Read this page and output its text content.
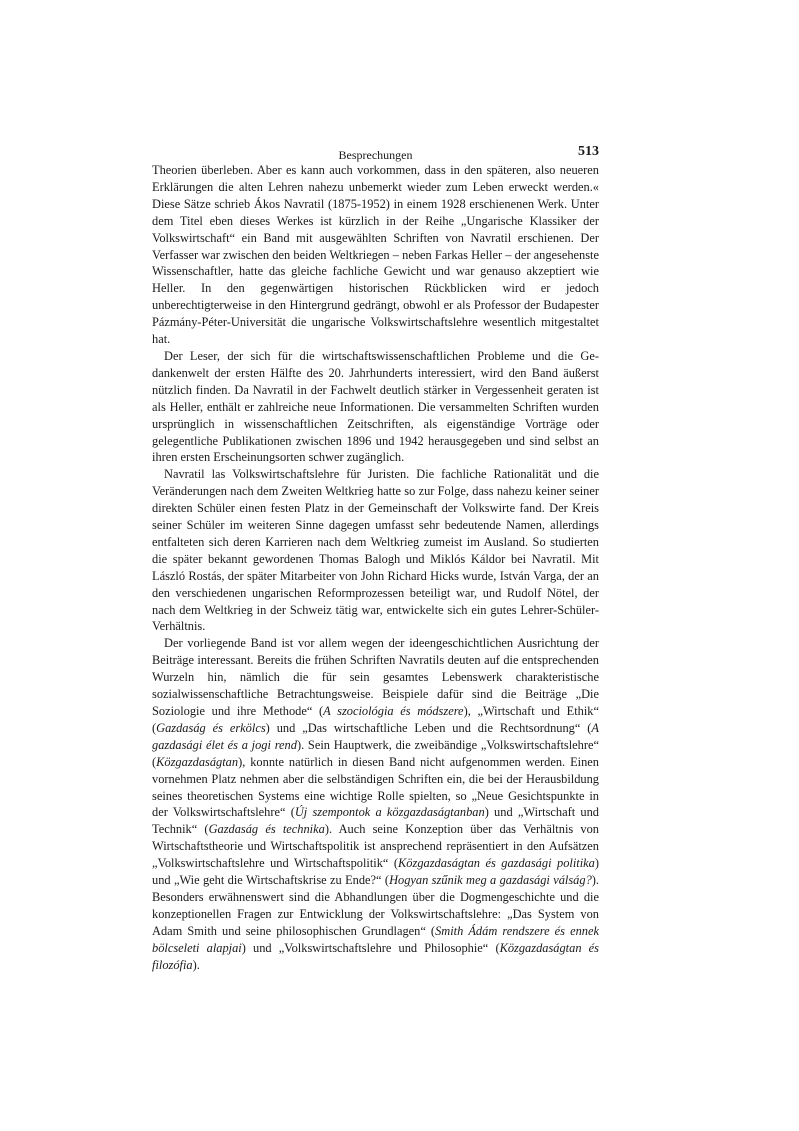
Besprechungen	513

Theorien überleben. Aber es kann auch vorkommen, dass in den späteren, also neueren Erklärungen die alten Lehren nahezu unbemerkt wieder zum Leben erweckt werden.« Diese Sätze schrieb Ákos Navratil (1875-1952) in einem 1928 erschienenen Werk. Unter dem Titel eben dieses Werkes ist kürzlich in der Reihe „Ungarische Klassiker der Volkswirtschaft“ ein Band mit ausgewählten Schriften von Navratil erschienen. Der Verfasser war zwischen den beiden Weltkriegen – neben Farkas Heller – der angesehenste Wissenschaftler, hatte das gleiche fachliche Gewicht und war genauso akzeptiert wie Heller. In den gegenwärtigen historischen Rückblicken wird er jedoch unberechtigterweise in den Hintergrund gedrängt, obwohl er als Professor der Budapester Pázmány-Péter-Universität die ungarische Volkswirtschaftslehre wesentlich mitgestaltet hat.

Der Leser, der sich für die wirtschaftswissenschaftlichen Probleme und die Gedankenwelt der ersten Hälfte des 20. Jahrhunderts interessiert, wird den Band äußerst nützlich finden. Da Navratil in der Fachwelt deutlich stärker in Vergessenheit geraten ist als Heller, enthält er zahlreiche neue Informationen. Die versammelten Schriften wurden ursprünglich in wissenschaftlichen Zeitschriften, als eigenständige Vorträge oder gelegentliche Publikationen zwischen 1896 und 1942 herausgegeben und sind selbst an ihren ersten Erscheinungsorten schwer zugänglich.

Navratil las Volkswirtschaftslehre für Juristen. Die fachliche Rationalität und die Veränderungen nach dem Zweiten Weltkrieg hatte so zur Folge, dass nahezu keiner seiner direkten Schüler einen festen Platz in der Gemeinschaft der Volkswirte fand. Der Kreis seiner Schüler im weiteren Sinne dagegen umfasst sehr bedeutende Namen, allerdings entfalteten sich deren Karrieren nach dem Weltkrieg zumeist im Ausland. So studierten die später bekannt gewordenen Thomas Balogh und Miklós Káldor bei Navratil. Mit László Rostás, der später Mitarbeiter von John Richard Hicks wurde, István Varga, der an den verschiedenen ungarischen Reformprozessen beteiligt war, und Rudolf Nötel, der nach dem Weltkrieg in der Schweiz tätig war, entwickelte sich ein gutes Lehrer-Schüler-Verhältnis.

Der vorliegende Band ist vor allem wegen der ideengeschichtlichen Ausrichtung der Beiträge interessant. Bereits die frühen Schriften Navratils deuten auf die entsprechenden Wurzeln hin, nämlich die für sein gesamtes Lebenswerk charakteristische sozialwissenschaftliche Betrachtungsweise. Beispiele dafür sind die Beiträge „Die Soziologie und ihre Methode“ (A szociológia és módszere), „Wirtschaft und Ethik“ (Gazdaság és erkölcs) und „Das wirtschaftliche Leben und die Rechtsordnung“ (A gazdasági élet és a jogi rend). Sein Hauptwerk, die zweibändige „Volkswirtschaftslehre“ (Közgazdaságtan), konnte natürlich in diesen Band nicht aufgenommen werden. Einen vornehmen Platz nehmen aber die selbständigen Schriften ein, die bei der Herausbildung seines theoretischen Systems eine wichtige Rolle spielten, so „Neue Gesichtspunkte in der Volkswirtschaftslehre“ (Új szempontok a közgazdaságtanban) und „Wirtschaft und Technik“ (Gazdaság és technika). Auch seine Konzeption über das Verhältnis von Wirtschaftstheorie und Wirtschaftspolitik ist ansprechend repräsentiert in den Aufsätzen „Volkswirtschaftslehre und Wirtschaftspolitik“ (Közgazdaságtan és gazdasági politika) und „Wie geht die Wirtschaftskrise zu Ende?“ (Hogyan szűnik meg a gazdasági válság?). Besonders erwähnenswert sind die Abhandlungen über die Dogmengeschichte und die konzeptionellen Fragen zur Entwicklung der Volkswirtschaftslehre: „Das System von Adam Smith und seine philosophischen Grundlagen“ (Smith Ádám rendszere és ennek bölcseleti alapjai) und „Volkswirtschaftslehre und Philosophie“ (Közgazdaságtan és filozófia).
